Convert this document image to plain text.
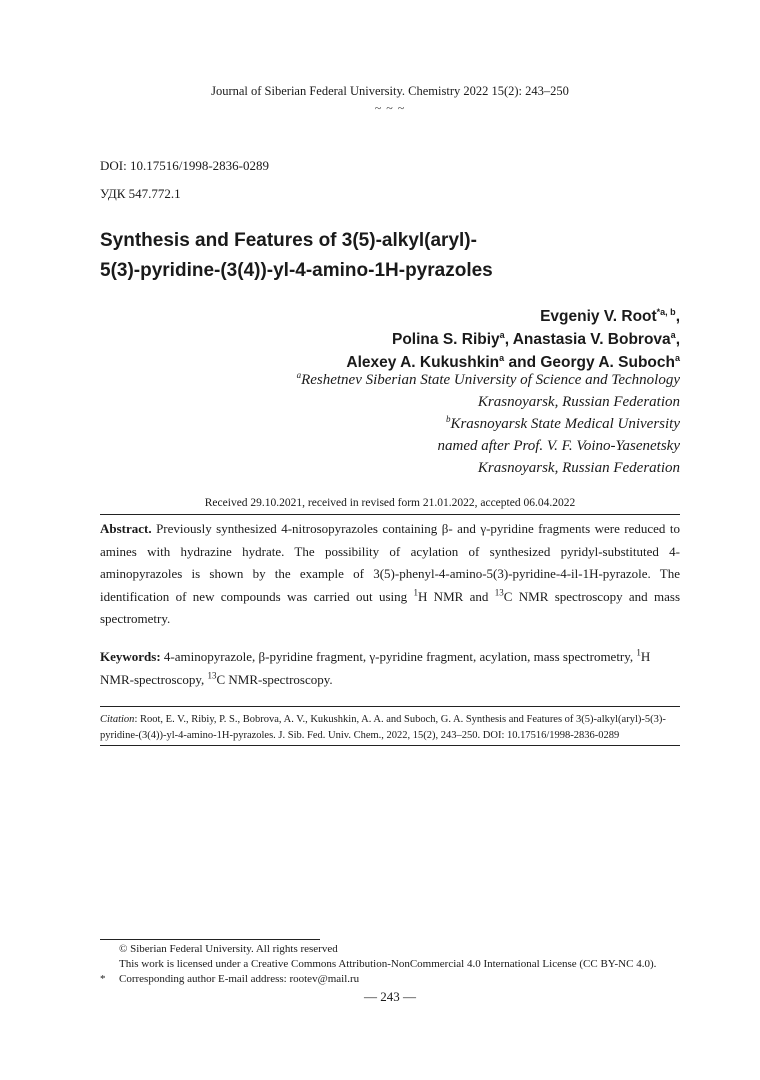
Journal of Siberian Federal University. Chemistry 2022 15(2): 243–250
~ ~ ~
DOI: 10.17516/1998-2836-0289
УДК 547.772.1
Synthesis and Features of 3(5)-alkyl(aryl)-
5(3)-pyridine-(3(4))-yl-4-amino-1H-pyrazoles
Evgeniy V. Root$^{*a, b}$,
Polina S. Ribiy$^a$, Anastasia V. Bobrova$^a$,
Alexey A. Kukushkin$^a$ and Georgy A. Suboch$^a$
$^a$Reshetnev Siberian State University of Science and Technology
Krasnoyarsk, Russian Federation
$^b$Krasnoyarsk State Medical University
named after Prof. V. F. Voino-Yasenetsky
Krasnoyarsk, Russian Federation
Received 29.10.2021, received in revised form 21.01.2022, accepted 06.04.2022

Abstract. Previously synthesized 4-nitrosopyrazoles containing β- and γ-pyridine fragments were reduced to amines with hydrazine hydrate. The possibility of acylation of synthesized pyridyl-substituted 4-aminopyrazoles is shown by the example of 3(5)-phenyl-4-amino-5(3)-pyridine-4-il-1H-pyrazole. The identification of new compounds was carried out using $^1$H NMR and $^{13}$C NMR spectroscopy and mass spectrometry.

Keywords: 4-aminopyrazole, β-pyridine fragment, γ-pyridine fragment, acylation, mass spectrometry, $^1$H NMR-spectroscopy, $^{13}$C NMR-spectroscopy.

Citation: Root, E. V., Ribiy, P. S., Bobrova, A. V., Kukushkin, A. A. and Suboch, G. A. Synthesis and Features of 3(5)-alkyl(aryl)-5(3)-pyridine-(3(4))-yl-4-amino-1H-pyrazoles. J. Sib. Fed. Univ. Chem., 2022, 15(2), 243–250. DOI: 10.17516/1998-2836-0289

© Siberian Federal University. All rights reserved
This work is licensed under a Creative Commons Attribution-NonCommercial 4.0 International License (CC BY-NC 4.0).
* Corresponding author E-mail address: rootev@mail.ru
— 243 —
